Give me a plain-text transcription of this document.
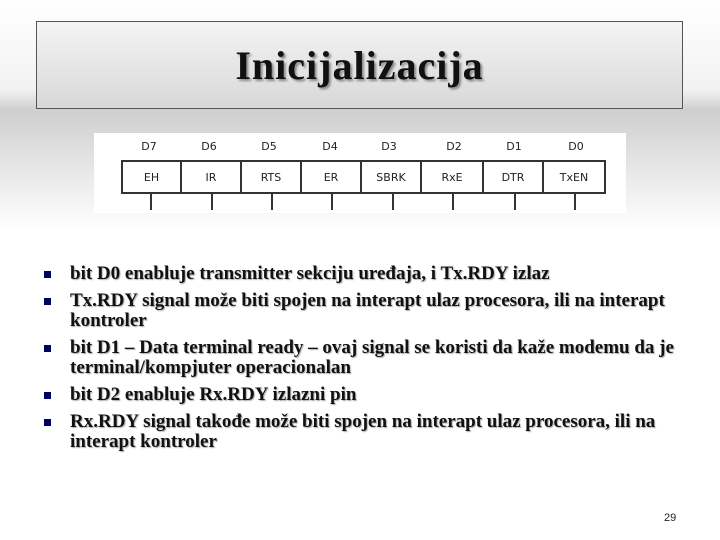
Inicijalizacija
D7	D6	D5	D4	D3	D2	D1	D0
EH	IR	RTS	ER	SBRK	RxE	DTR	TxEN
bit D0 enabluje transmitter sekciju uređaja, i Tx.RDY izlaz
Tx.RDY signal može biti spojen na interapt ulaz procesora, ili na interapt kontroler
bit D1 – Data terminal ready – ovaj signal se koristi da kaže modemu da je terminal/kompjuter operacionalan
bit D2 enabluje Rx.RDY izlazni pin
Rx.RDY signal takođe može biti spojen na interapt ulaz procesora, ili na interapt kontroler
29
